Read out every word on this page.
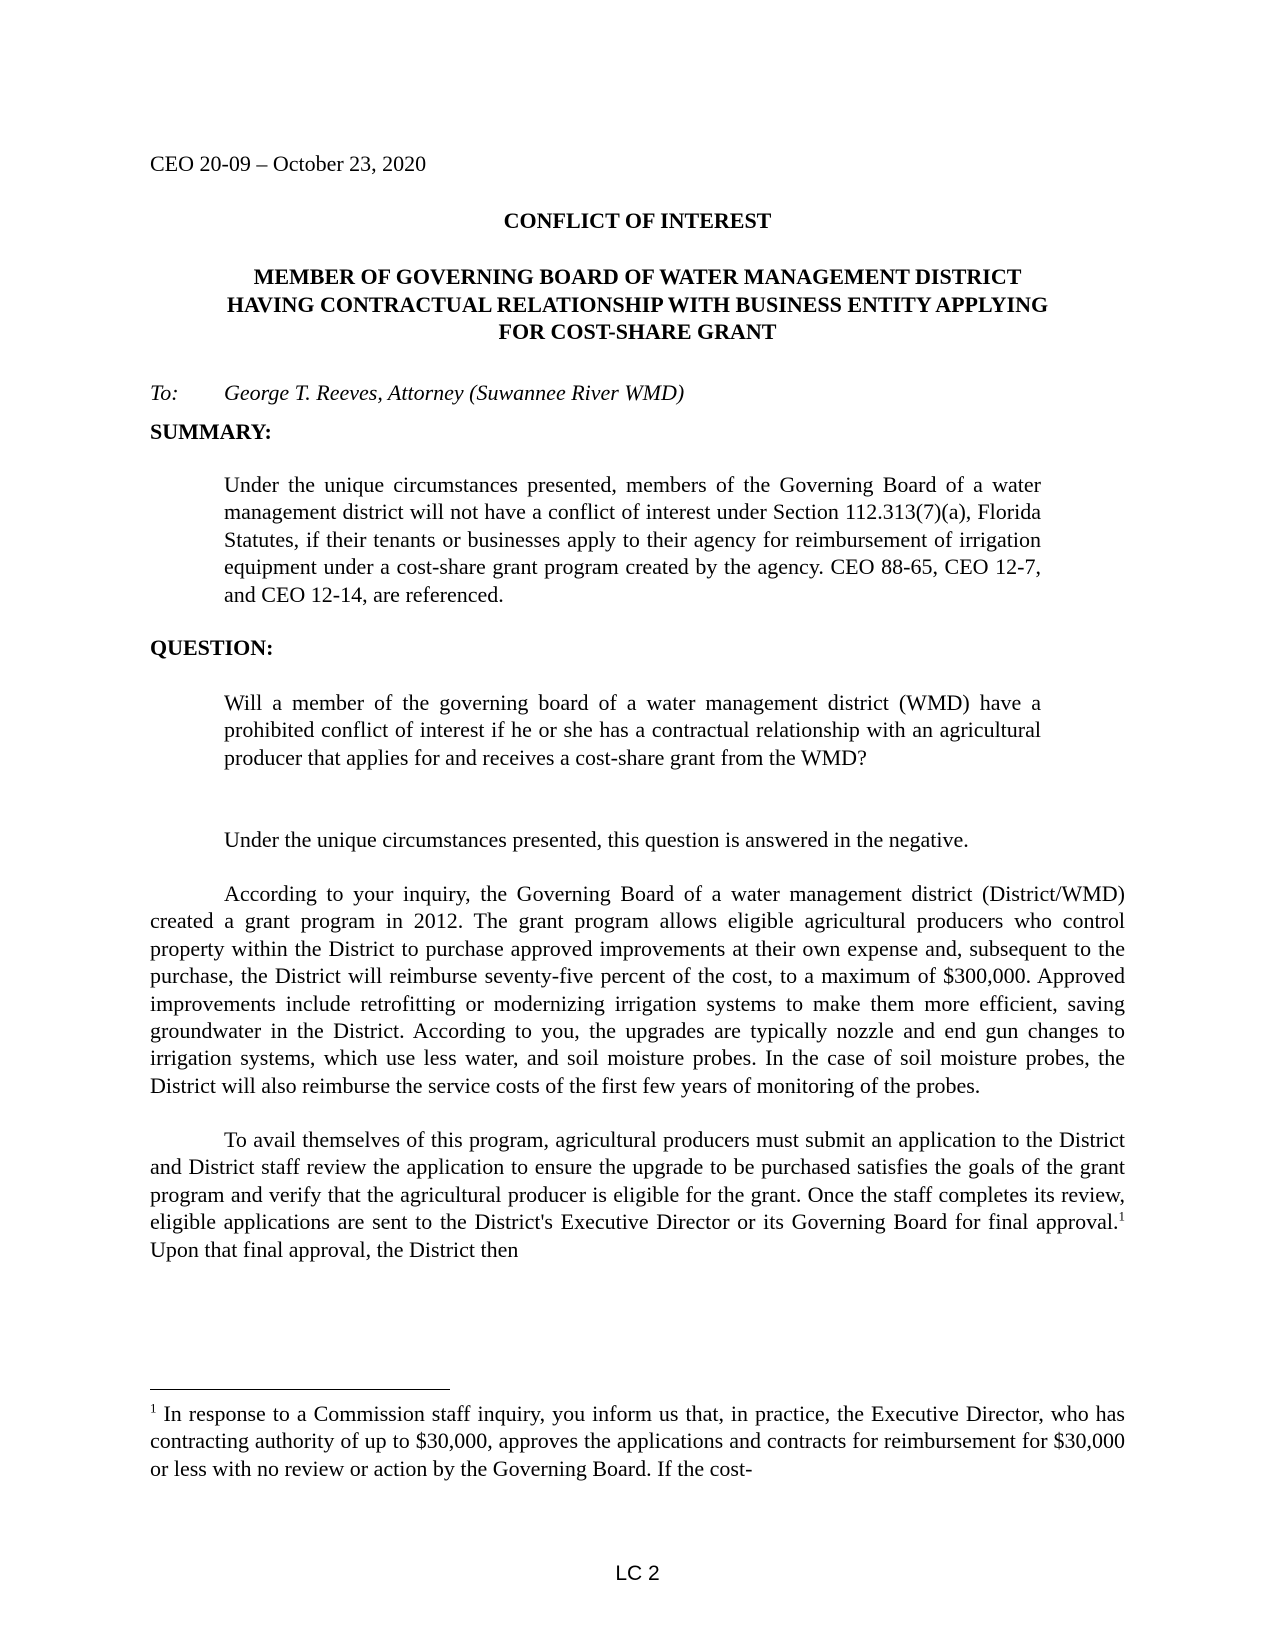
CEO 20-09 – October 23, 2020
CONFLICT OF INTEREST
MEMBER OF GOVERNING BOARD OF WATER MANAGEMENT DISTRICT
HAVING CONTRACTUAL RELATIONSHIP WITH BUSINESS ENTITY APPLYING
FOR COST-SHARE GRANT
To: George T. Reeves, Attorney (Suwannee River WMD)
SUMMARY:
Under the unique circumstances presented, members of the Governing Board of a water management district will not have a conflict of interest under Section 112.313(7)(a), Florida Statutes, if their tenants or businesses apply to their agency for reimbursement of irrigation equipment under a cost-share grant program created by the agency. CEO 88-65, CEO 12-7, and CEO 12-14, are referenced.
QUESTION:
Will a member of the governing board of a water management district (WMD) have a prohibited conflict of interest if he or she has a contractual relationship with an agricultural producer that applies for and receives a cost-share grant from the WMD?
Under the unique circumstances presented, this question is answered in the negative.
According to your inquiry, the Governing Board of a water management district (District/WMD) created a grant program in 2012. The grant program allows eligible agricultural producers who control property within the District to purchase approved improvements at their own expense and, subsequent to the purchase, the District will reimburse seventy-five percent of the cost, to a maximum of $300,000. Approved improvements include retrofitting or modernizing irrigation systems to make them more efficient, saving groundwater in the District. According to you, the upgrades are typically nozzle and end gun changes to irrigation systems, which use less water, and soil moisture probes. In the case of soil moisture probes, the District will also reimburse the service costs of the first few years of monitoring of the probes.
To avail themselves of this program, agricultural producers must submit an application to the District and District staff review the application to ensure the upgrade to be purchased satisfies the goals of the grant program and verify that the agricultural producer is eligible for the grant. Once the staff completes its review, eligible applications are sent to the District's Executive Director or its Governing Board for final approval.$^1$ Upon that final approval, the District then
$^1$ In response to a Commission staff inquiry, you inform us that, in practice, the Executive Director, who has contracting authority of up to $30,000, approves the applications and contracts for reimbursement for $30,000 or less with no review or action by the Governing Board. If the cost-
LC 2
